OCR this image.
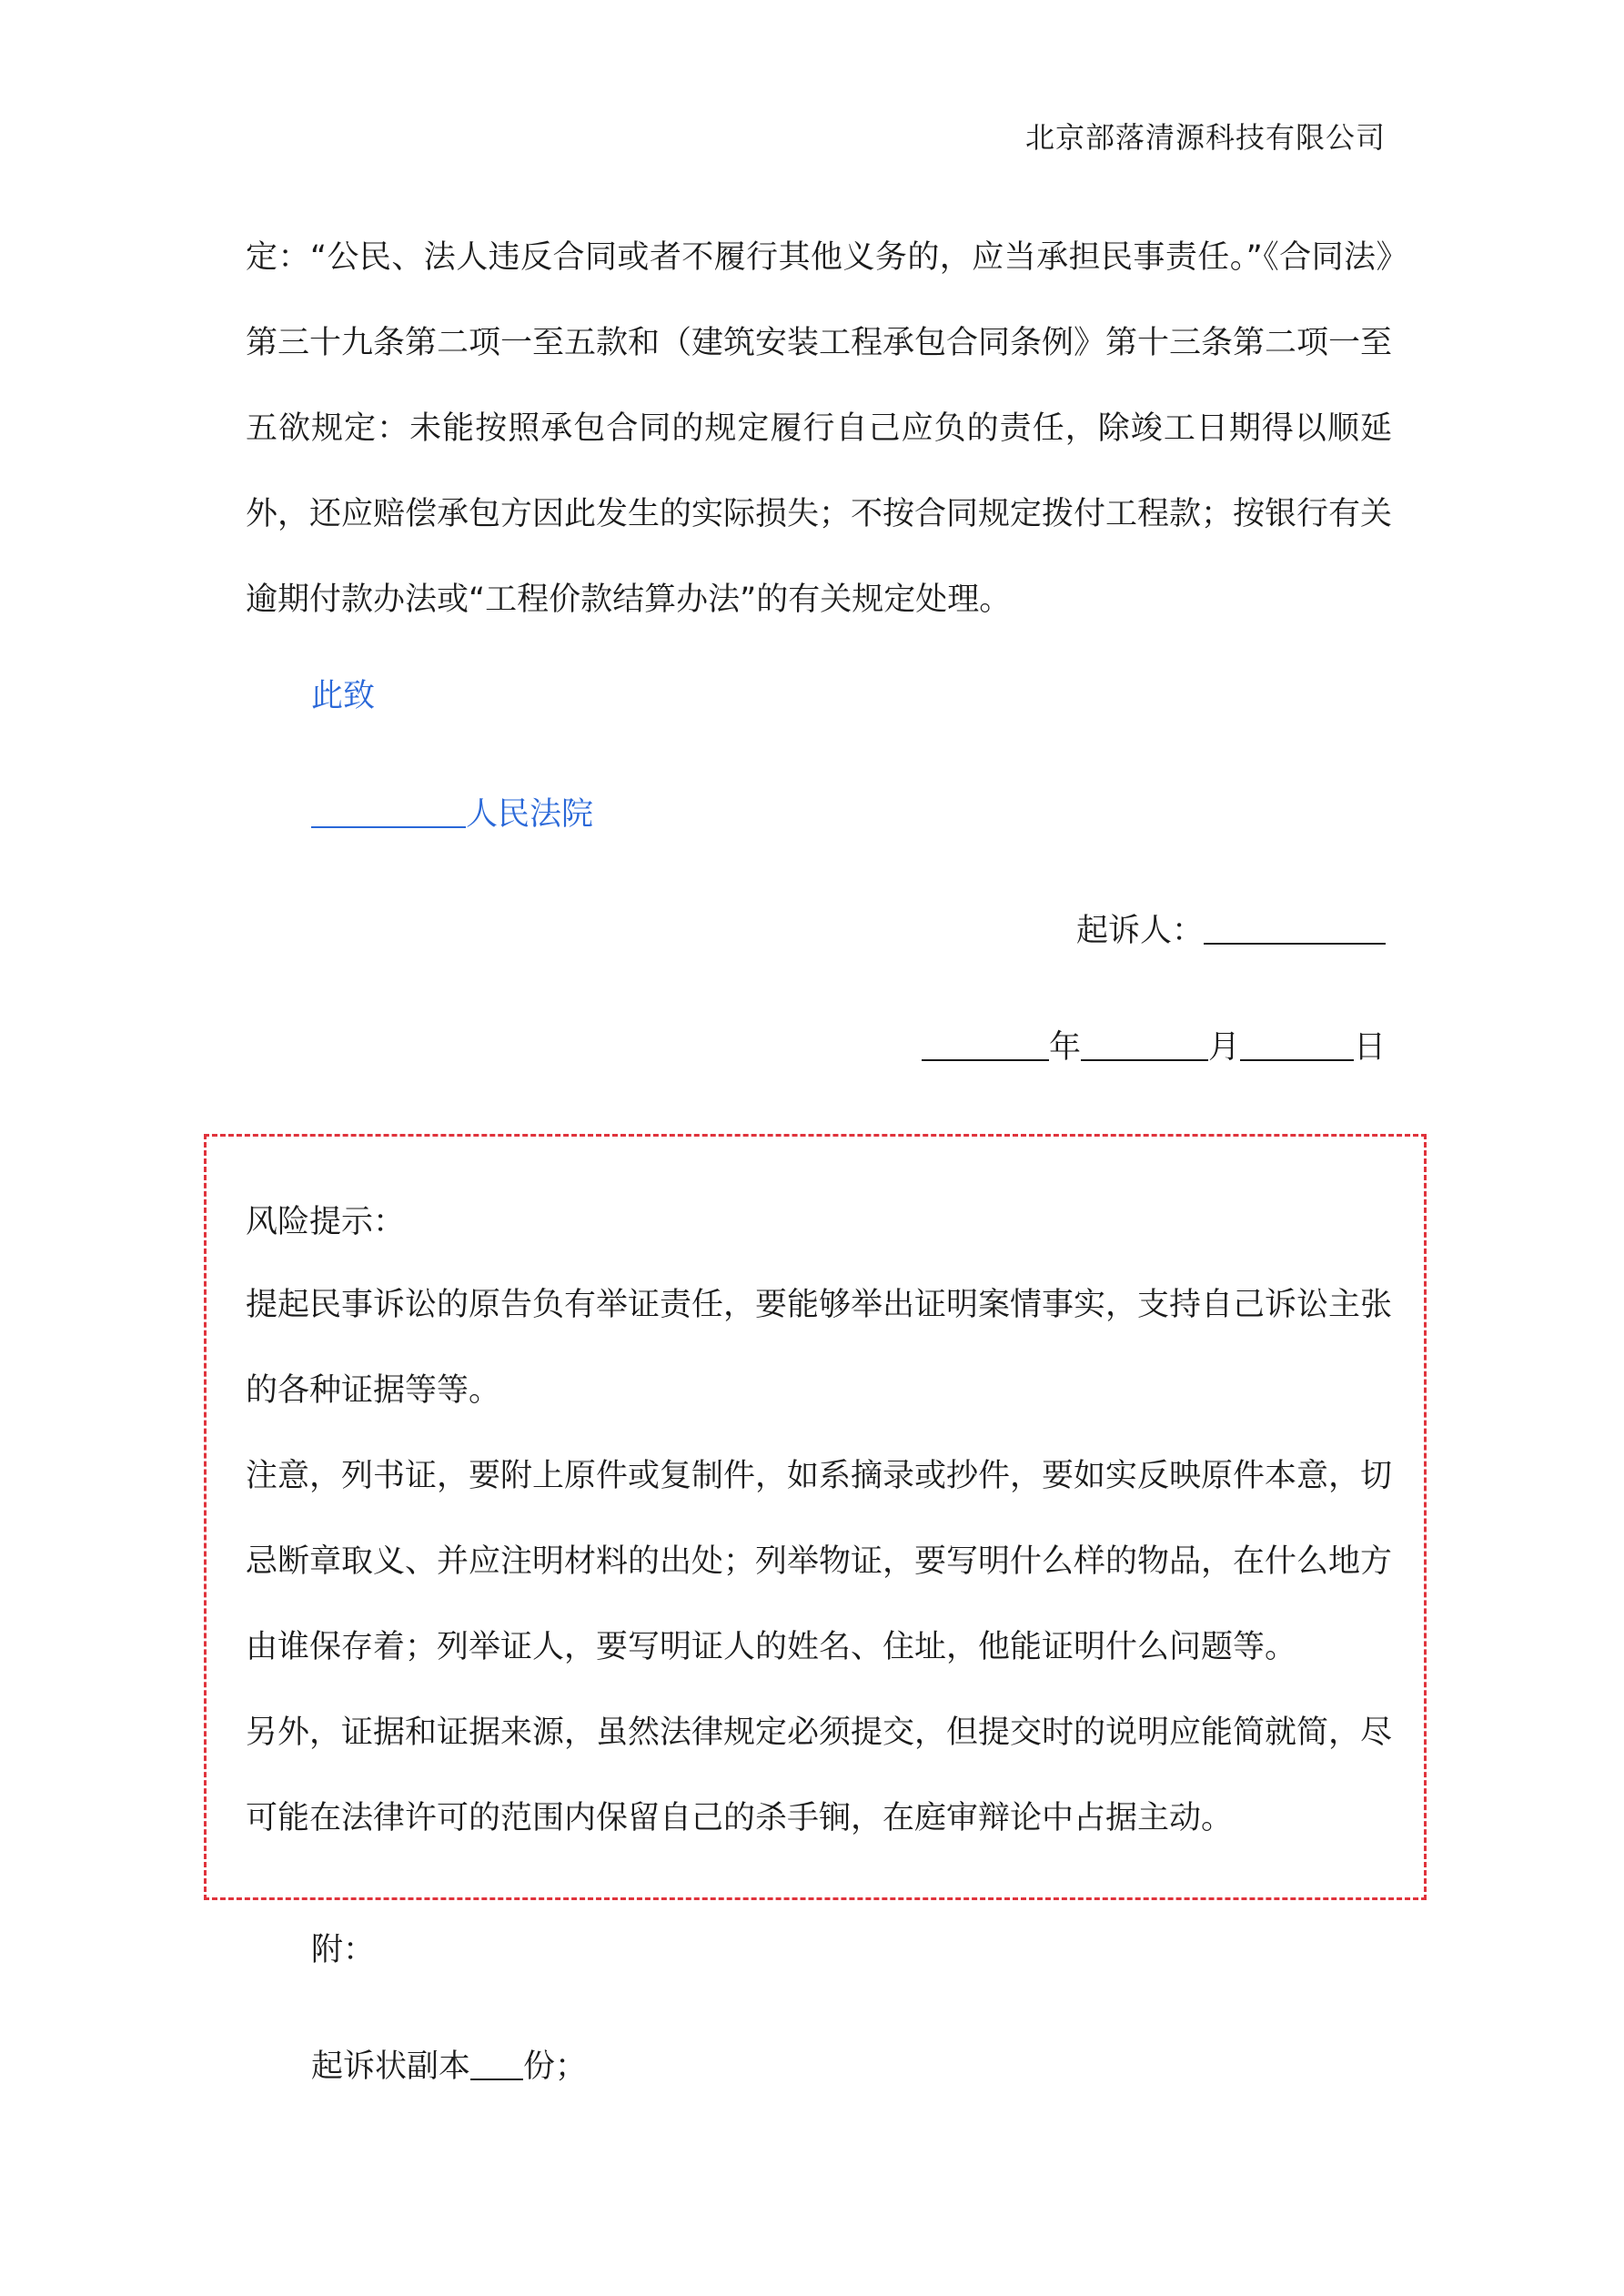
北京部落清源科技有限公司

定：“公民、法人违反合同或者不履行其他义务的，应当承担民事责任。”《合同法》第三十九条第二项一至五款和（建筑安装工程承包合同条例》第十三条第二项一至五欲规定：未能按照承包合同的规定履行自己应负的责任，除竣工日期得以顺延外，还应赔偿承包方因此发生的实际损失；不按合同规定拨付工程款；按银行有关逾期付款办法或“工程价款结算办法”的有关规定处理。

此致
人民法院
起诉人：
年	月	日
风险提示：

提起民事诉讼的原告负有举证责任，要能够举出证明案情事实，支持自己诉讼主张的各种证据等等。

注意，列书证，要附上原件或复制件，如系摘录或抄件，要如实反映原件本意，切忌断章取义、并应注明材料的出处；列举物证，要写明什么样的物品，在什么地方由谁保存着；列举证人，要写明证人的姓名、住址，他能证明什么问题等。

另外，证据和证据来源，虽然法律规定必须提交，但提交时的说明应能简就简，尽可能在法律许可的范围内保留自己的杀手锏，在庭审辩论中占据主动。

附：
起诉状副本 份；
